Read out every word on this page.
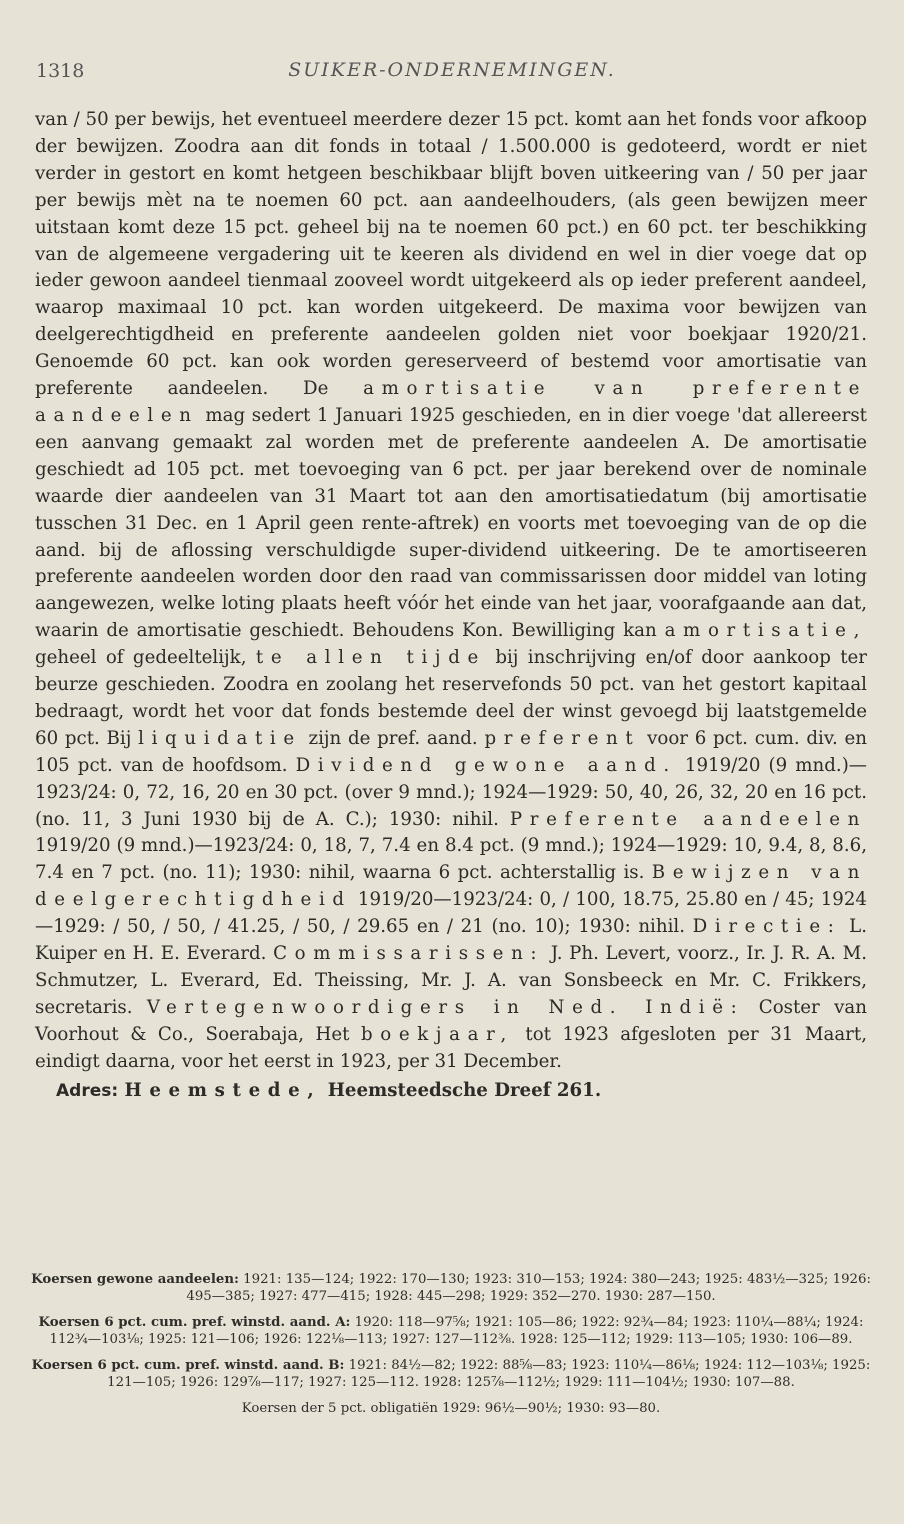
1318	SUIKER-ONDERNEMINGEN.
van / 50 per bewijs, het eventueel meerdere dezer 15 pct. komt aan het fonds voor afkoop der bewijzen. Zoodra aan dit fonds in totaal / 1.500.000 is gedoteerd, wordt er niet verder in gestort en komt hetgeen beschikbaar blijft boven uitkeering van / 50 per jaar per bewijs mèt na te noemen 60 pct. aan aandeelhouders, (als geen bewijzen meer uitstaan komt deze 15 pct. geheel bij na te noemen 60 pct.) en 60 pct. ter beschikking van de algemeene vergadering uit te keeren als dividend en wel in dier voege dat op ieder gewoon aandeel tienmaal zooveel wordt uitgekeerd als op ieder preferent aandeel, waarop maximaal 10 pct. kan worden uitgekeerd. De maxima voor bewijzen van deelgerechtigdheid en preferente aandeelen golden niet voor boekjaar 1920/21. Genoemde 60 pct. kan ook worden gereserveerd of bestemd voor amortisatie van preferente aandeelen. De amortisatie van preferente aandeelen mag sedert 1 Januari 1925 geschieden, en in dier voege 'dat allereerst een aanvang gemaakt zal worden met de preferente aandeelen A. De amortisatie geschiedt ad 105 pct. met toevoeging van 6 pct. per jaar berekend over de nominale waarde dier aandeelen van 31 Maart tot aan den amortisatiedatum (bij amortisatie tusschen 31 Dec. en 1 April geen rente-aftrek) en voorts met toevoeging van de op die aand. bij de aflossing verschuldigde super-dividend uitkeering. De te amortiseeren preferente aandeelen worden door den raad van commissarissen door middel van loting aangewezen, welke loting plaats heeft vóór het einde van het jaar, voorafgaande aan dat, waarin de amortisatie geschiedt. Behoudens Kon. Bewilliging kan amortisatie, geheel of gedeeltelijk, te allen tijde bij inschrijving en/of door aankoop ter beurze geschieden. Zoodra en zoolang het reservefonds 50 pct. van het gestort kapitaal bedraagt, wordt het voor dat fonds bestemde deel der winst gevoegd bij laatstgemelde 60 pct. Bij liquidatie zijn de pref. aand. preferent voor 6 pct. cum. div. en 105 pct. van de hoofdsom. Dividend gewone aand. 1919/20 (9 mnd.)—1923/24: 0, 72, 16, 20 en 30 pct. (over 9 mnd.); 1924—1929: 50, 40, 26, 32, 20 en 16 pct. (no. 11, 3 Juni 1930 bij de A. C.); 1930: nihil. Preferente aandeelen 1919/20 (9 mnd.)—1923/24: 0, 18, 7, 7.4 en 8.4 pct. (9 mnd.); 1924—1929: 10, 9.4, 8, 8.6, 7.4 en 7 pct. (no. 11); 1930: nihil, waarna 6 pct. achterstallig is. Bewijzen van deelgerechtigdheid 1919/20—1923/24: 0, / 100, 18.75, 25.80 en / 45; 1924—1929: / 50, / 50, / 41.25, / 50, / 29.65 en / 21 (no. 10); 1930: nihil. Directie: L. Kuiper en H. E. Everard. Commissarissen: J. Ph. Levert, voorz., Ir. J. R. A. M. Schmutzer, L. Everard, Ed. Theissing, Mr. J. A. van Sonsbeeck en Mr. C. Frikkers, secretaris. Vertegenwoordigers in Ned. Indië: Coster van Voorhout & Co., Soerabaja, Het boekjaar, tot 1923 afgesloten per 31 Maart, eindigt daarna, voor het eerst in 1923, per 31 December.
Adres: Heemstede, Heemsteedsche Dreef 261.
Koersen gewone aandeelen: 1921: 135—124; 1922: 170—130; 1923: 310—153; 1924: 380—243; 1925: 483½—325; 1926: 495—385; 1927: 477—415; 1928: 445—298; 1929: 352—270. 1930: 287—150.
Koersen 6 pct. cum. pref. winstd. aand. A: 1920: 118—97⅝; 1921: 105—86; 1922: 92¾—84; 1923: 110¼—88¼; 1924: 112¾—103⅛; 1925: 121—106; 1926: 122⅛—113; 1927: 127—112⅜. 1928: 125—112; 1929: 113—105; 1930: 106—89.
Koersen 6 pct. cum. pref. winstd. aand. B: 1921: 84½—82; 1922: 88⅝—83; 1923: 110¼—86⅛; 1924: 112—103⅛; 1925: 121—105; 1926: 129⅞—117; 1927: 125—112. 1928: 125⅞—112½; 1929: 111—104½; 1930: 107—88.
Koersen der 5 pct. obligatiën 1929: 96½—90½; 1930: 93—80.
